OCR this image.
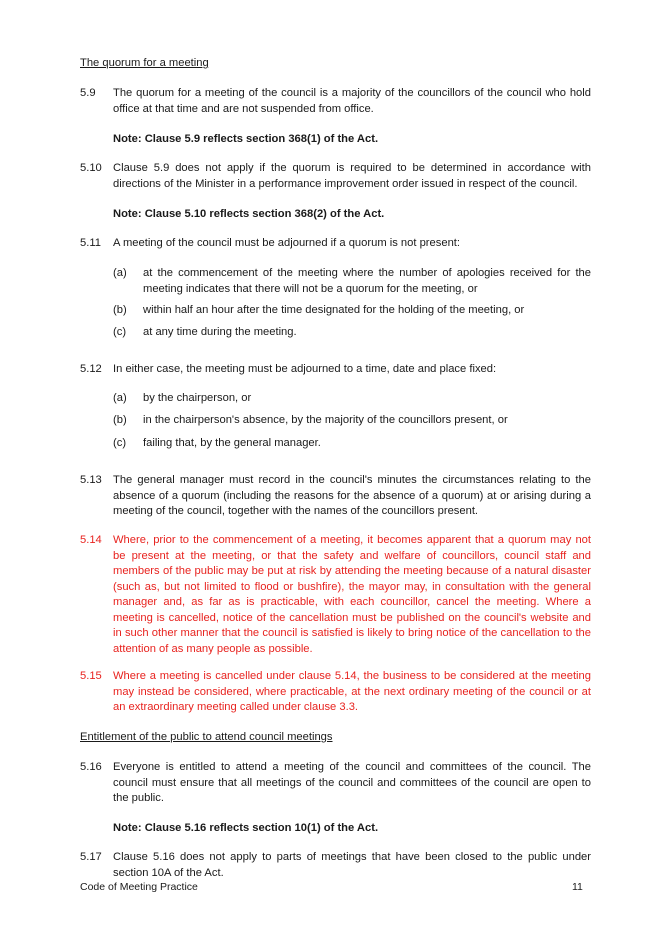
The quorum for a meeting
5.9 The quorum for a meeting of the council is a majority of the councillors of the council who hold office at that time and are not suspended from office.
Note: Clause 5.9 reflects section 368(1) of the Act.
5.10 Clause 5.9 does not apply if the quorum is required to be determined in accordance with directions of the Minister in a performance improvement order issued in respect of the council.
Note: Clause 5.10 reflects section 368(2) of the Act.
5.11 A meeting of the council must be adjourned if a quorum is not present:
(a) at the commencement of the meeting where the number of apologies received for the meeting indicates that there will not be a quorum for the meeting, or
(b) within half an hour after the time designated for the holding of the meeting, or
(c) at any time during the meeting.
5.12 In either case, the meeting must be adjourned to a time, date and place fixed:
(a) by the chairperson, or
(b) in the chairperson's absence, by the majority of the councillors present, or
(c) failing that, by the general manager.
5.13 The general manager must record in the council's minutes the circumstances relating to the absence of a quorum (including the reasons for the absence of a quorum) at or arising during a meeting of the council, together with the names of the councillors present.
5.14 Where, prior to the commencement of a meeting, it becomes apparent that a quorum may not be present at the meeting, or that the safety and welfare of councillors, council staff and members of the public may be put at risk by attending the meeting because of a natural disaster (such as, but not limited to flood or bushfire), the mayor may, in consultation with the general manager and, as far as is practicable, with each councillor, cancel the meeting. Where a meeting is cancelled, notice of the cancellation must be published on the council's website and in such other manner that the council is satisfied is likely to bring notice of the cancellation to the attention of as many people as possible.
5.15 Where a meeting is cancelled under clause 5.14, the business to be considered at the meeting may instead be considered, where practicable, at the next ordinary meeting of the council or at an extraordinary meeting called under clause 3.3.
Entitlement of the public to attend council meetings
5.16 Everyone is entitled to attend a meeting of the council and committees of the council. The council must ensure that all meetings of the council and committees of the council are open to the public.
Note: Clause 5.16 reflects section 10(1) of the Act.
5.17 Clause 5.16 does not apply to parts of meetings that have been closed to the public under section 10A of the Act.
Code of Meeting Practice	11
